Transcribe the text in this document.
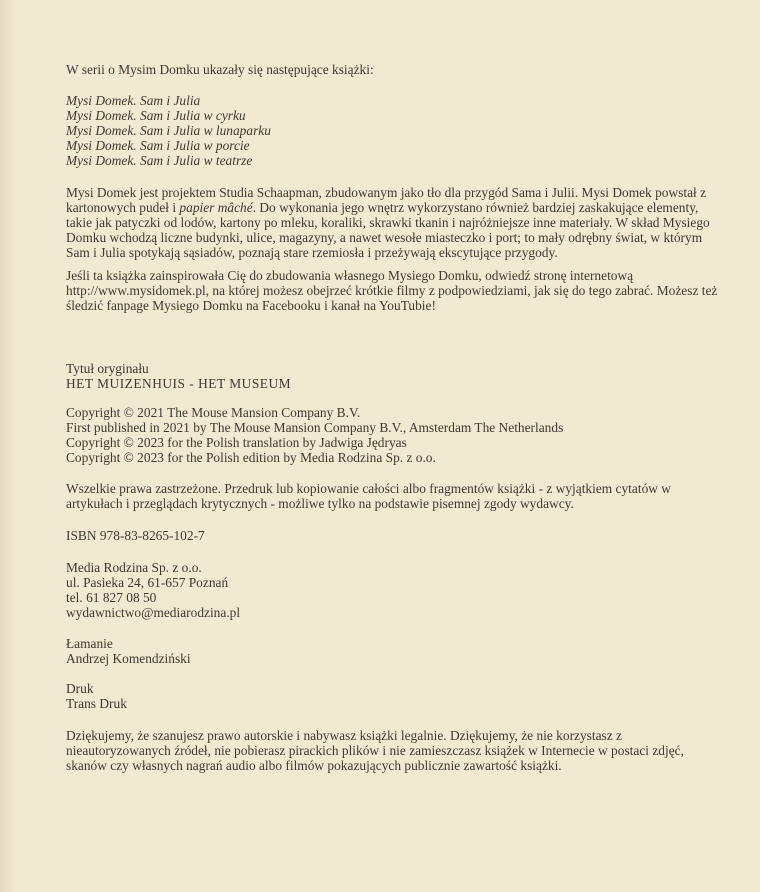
W serii o Mysim Domku ukazały się następujące książki:

Mysi Domek. Sam i Julia

Mysi Domek. Sam i Julia w cyrku

Mysi Domek. Sam i Julia w lunaparku

Mysi Domek. Sam i Julia w porcie

Mysi Domek. Sam i Julia w teatrze

Mysi Domek jest projektem Studia Schaapman, zbudowanym jako tło dla przygód Sama i Julii. Mysi Domek powstał z kartonowych pudeł i papier mâché. Do wykonania jego wnętrz wykorzystano również bardziej zaskakujące elementy, takie jak patyczki od lodów, kartony po mleku, koraliki, skrawki tkanin i najróżniejsze inne materiały. W skład Mysiego Domku wchodzą liczne budynki, ulice, magazyny, a nawet wesołe miasteczko i port; to mały odrębny świat, w którym Sam i Julia spotykają sąsiadów, poznają stare rzemiosła i przeżywają ekscytujące przygody.

Jeśli ta książka zainspirowała Cię do zbudowania własnego Mysiego Domku, odwiedź stronę internetową http://www.mysidomek.pl, na której możesz obejrzeć krótkie filmy z podpowiedziami, jak się do tego zabrać. Możesz też śledzić fanpage Mysiego Domku na Facebooku i kanał na YouTubie!

Tytuł oryginału

HET MUIZENHUIS - HET MUSEUM

Copyright © 2021 The Mouse Mansion Company B.V.

First published in 2021 by The Mouse Mansion Company B.V., Amsterdam The Netherlands

Copyright © 2023 for the Polish translation by Jadwiga Jędryas

Copyright © 2023 for the Polish edition by Media Rodzina Sp. z o.o.

Wszelkie prawa zastrzeżone. Przedruk lub kopiowanie całości albo fragmentów książki - z wyjątkiem cytatów w artykułach i przeglądach krytycznych - możliwe tylko na podstawie pisemnej zgody wydawcy.

ISBN 978-83-8265-102-7

Media Rodzina Sp. z o.o.

ul. Pasieka 24, 61-657 Poznań

tel. 61 827 08 50

wydawnictwo@mediarodzina.pl

Łamanie

Andrzej Komendziński

Druk

Trans Druk

Dziękujemy, że szanujesz prawo autorskie i nabywasz książki legalnie. Dziękujemy, że nie korzystasz z nieautoryzowanych źródeł, nie pobierasz pirackich plików i nie zamieszczasz książek w Internecie w postaci zdjęć, skanów czy własnych nagrań audio albo filmów pokazujących publicznie zawartość książki.
